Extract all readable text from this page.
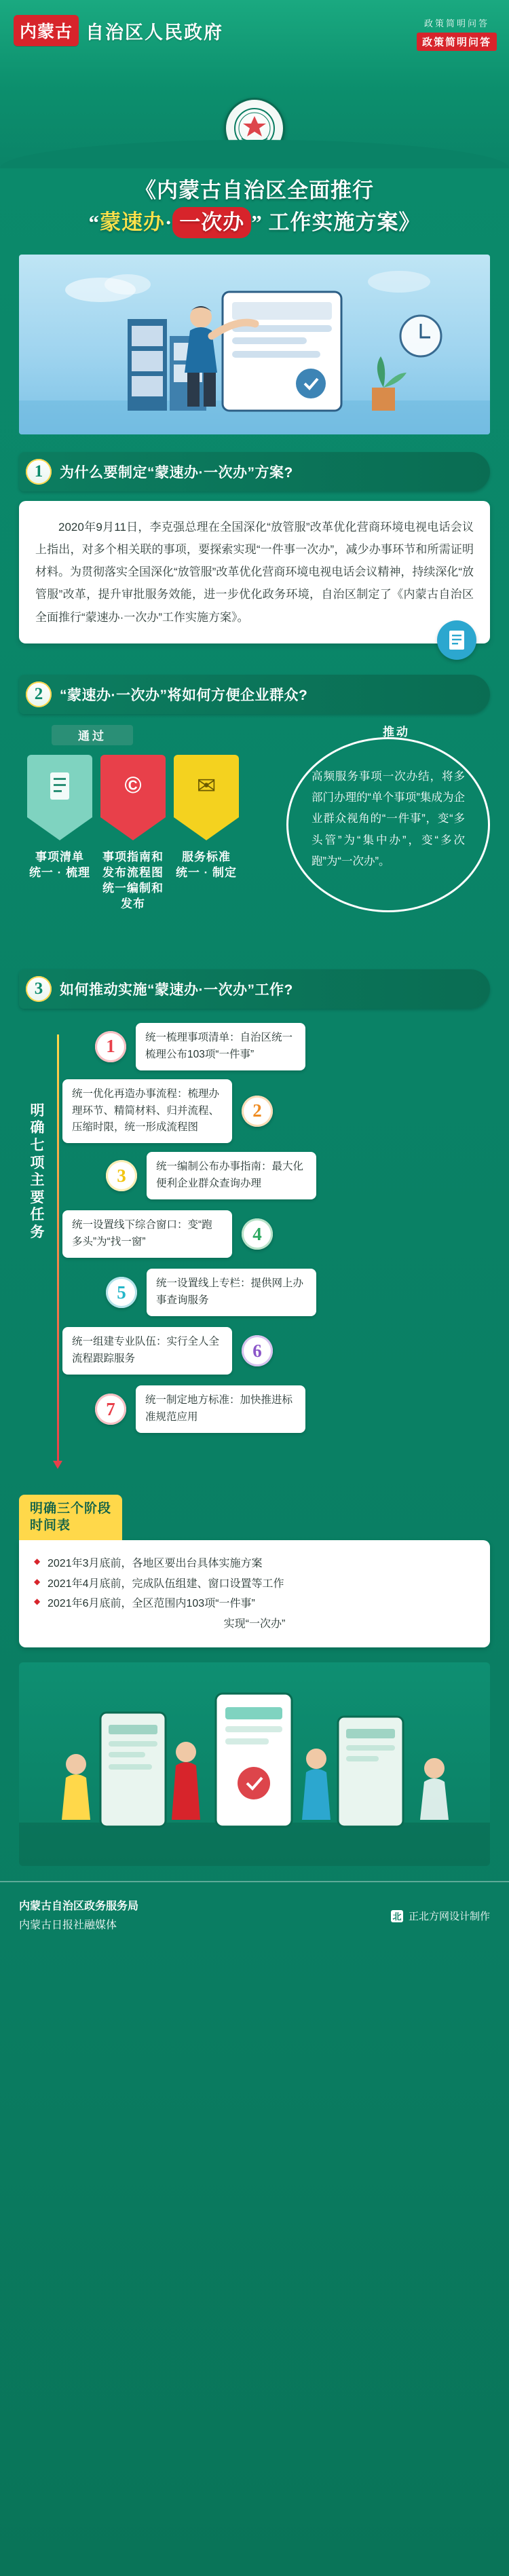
内蒙古 自治区人民政府	政策简明问答
政策简明问答
《内蒙古自治区全面推行
“蒙速办· 一次办 ” 工作实施方案》
1	为什么要制定“蒙速办·一次办”方案?

2020年9月11日，李克强总理在全国深化“放管服”改革优化营商环境电视电话会议上指出，对多个相关联的事项，要探索实现“一件事一次办”，减少办事环节和所需证明材料。为贯彻落实全国深化“放管服”改革优化营商环境电视电话会议精神，持续深化“放管服”改革，提升审批服务效能，进一步优化政务环境，自治区制定了《内蒙古自治区全面推行“蒙速办·一次办”工作实施方案》。

2	“蒙速办·一次办”将如何方便企业群众?
通过	推动
事项清单
统一 · 梳理
©
事项指南和发布流程图
统一编制和发布
✉
服务标准
统一 · 制定
高频服务事项一次办结，将多部门办理的“单个事项”集成为企业群众视角的“一件事”，变“多头管”为“集中办”，变“多次跑”为“一次办”。
3	如何推动实施“蒙速办·一次办”工作?
明确七项主要任务
1	统一梳理事项清单：自治区统一梳理公布103项“一件事”
2
统一优化再造办事流程：梳理办理环节、精简材料、归并流程、压缩时限，统一形成流程图
3	统一编制公布办事指南：最大化便利企业群众查询办理
4
统一设置线下综合窗口：变“跑多头”为“找一窗”
5	统一设置线上专栏：提供网上办事查询服务
6
统一组建专业队伍：实行全人全流程跟踪服务
7	统一制定地方标准：加快推进标准规范应用
明确三个阶段
时间表
◆ 2021年3月底前，各地区要出台具体实施方案
◆ 2021年4月底前，完成队伍组建、窗口设置等工作
◆ 2021年6月底前，全区范围内103项“一件事”
实现“一次办”
内蒙古自治区政务服务局
内蒙古日报社融媒体
北 正北方网设计制作
